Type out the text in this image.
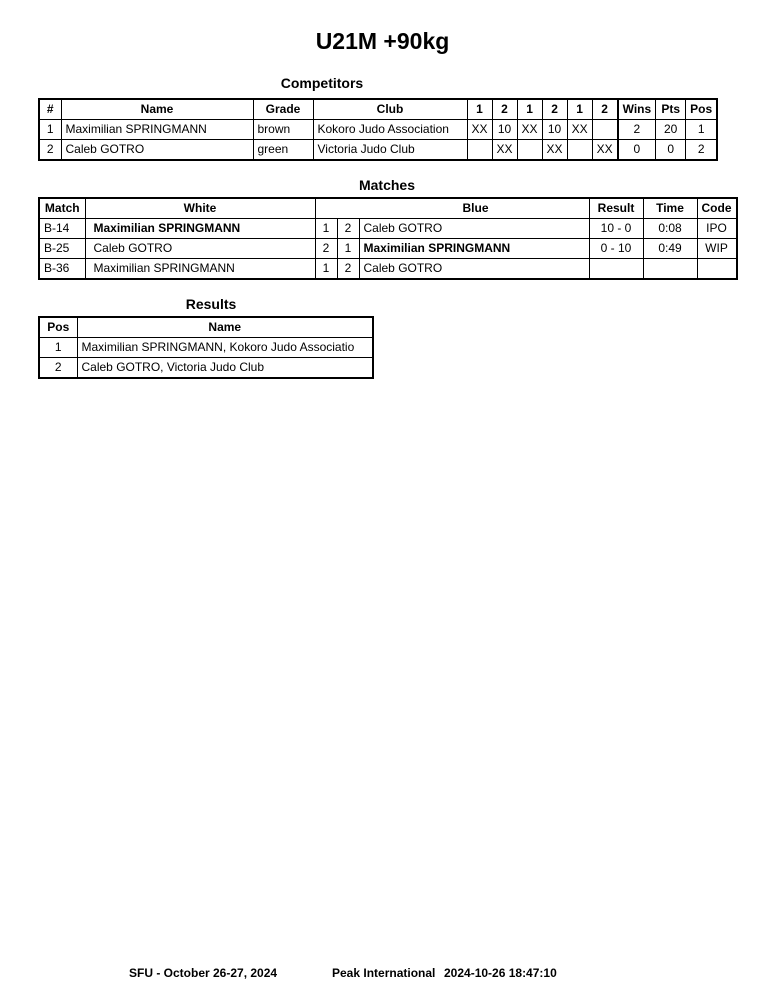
U21M +90kg
Competitors
#	Name	Grade	Club	1	2	1	2	1	2	Wins	Pts	Pos
1	Maximilian SPRINGMANN	brown	Kokoro Judo Association	XX	10	XX	10	XX		2	20	1
2	Caleb GOTRO	green	Victoria Judo Club		XX		XX		XX	0	0	2
Matches
Match	White	Blue			Result	Time	Code
B-14	Maximilian SPRINGMANN	1	2	Caleb GOTRO	10 - 0	0:08	IPO
B-25	Caleb GOTRO	2	1	Maximilian SPRINGMANN	0 - 10	0:49	WIP
B-36	Maximilian SPRINGMANN	1	2	Caleb GOTRO			
Results
Pos	Name
1	Maximilian SPRINGMANN, Kokoro Judo Associatio
2	Caleb GOTRO, Victoria Judo Club
SFU - October 26-27, 2024	Peak International 2024-10-26 18:47:10
